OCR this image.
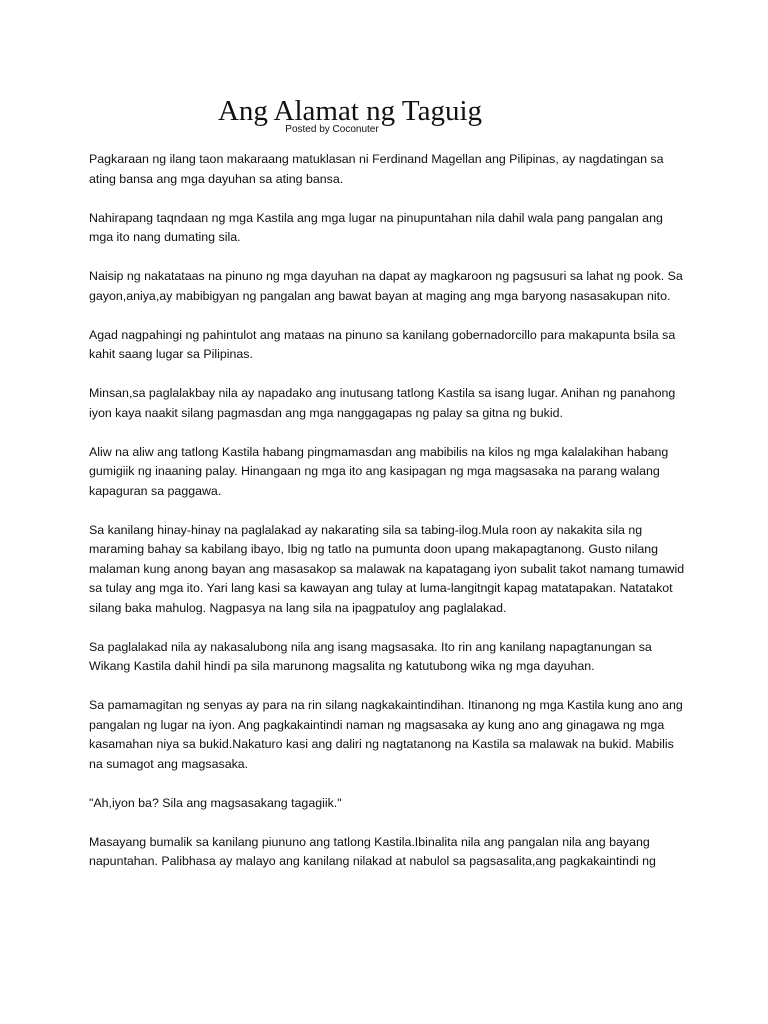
Ang Alamat ng Taguig
Posted by Coconuter

Pagkaraan ng ilang taon makaraang matuklasan ni Ferdinand Magellan ang Pilipinas, ay nagdatingan sa ating bansa ang mga dayuhan sa ating bansa.

Nahirapang taqndaan ng mga Kastila ang mga lugar na pinupuntahan nila dahil wala pang pangalan ang mga ito nang dumating sila.

Naisip ng nakatataas na pinuno ng mga dayuhan na dapat ay magkaroon ng pagsusuri sa lahat ng pook. Sa gayon,aniya,ay mabibigyan ng pangalan ang bawat bayan at maging ang mga baryong nasasakupan nito.

Agad nagpahingi ng pahintulot ang mataas na pinuno sa kanilang gobernadorcillo para makapunta bsila sa kahit saang lugar sa Pilipinas.

Minsan,sa paglalakbay nila ay napadako ang inutusang tatlong Kastila sa isang lugar. Anihan ng panahong iyon kaya naakit silang pagmasdan ang mga nanggagapas ng palay sa gitna ng bukid.

Aliw na aliw ang tatlong Kastila habang pingmamasdan ang mabibilis na kilos ng mga kalalakihan habang gumigiik ng inaaning palay. Hinangaan ng mga ito ang kasipagan ng mga magsasaka na parang walang kapaguran sa paggawa.

Sa kanilang hinay-hinay na paglalakad ay nakarating sila sa tabing-ilog.Mula roon ay nakakita sila ng maraming bahay sa kabilang ibayo, Ibig ng tatlo na pumunta doon upang makapagtanong. Gusto nilang malaman kung anong bayan ang masasakop sa malawak na kapatagang iyon subalit takot namang tumawid sa tulay ang mga ito. Yari lang kasi sa kawayan ang tulay at luma-langitngit kapag matatapakan. Natatakot silang baka mahulog. Nagpasya na lang sila na ipagpatuloy ang paglalakad.

Sa paglalakad nila ay nakasalubong nila ang isang magsasaka. Ito rin ang kanilang napagtanungan sa Wikang Kastila dahil hindi pa sila marunong magsalita ng katutubong wika ng mga dayuhan.

Sa pamamagitan ng senyas ay para na rin silang nagkakaintindihan. Itinanong ng mga Kastila kung ano ang pangalan ng lugar na iyon. Ang pagkakaintindi naman ng magsasaka ay kung ano ang ginagawa ng mga kasamahan niya sa bukid.Nakaturo kasi ang daliri ng nagtatanong na Kastila sa malawak na bukid. Mabilis na sumagot ang magsasaka.

"Ah,iyon ba? Sila ang magsasakang tagagiik."

Masayang bumalik sa kanilang piununo ang tatlong Kastila.Ibinalita nila ang pangalan nila ang bayang napuntahan. Palibhasa ay malayo ang kanilang nilakad at nabulol sa pagsasalita,ang pagkakaintindi ng
